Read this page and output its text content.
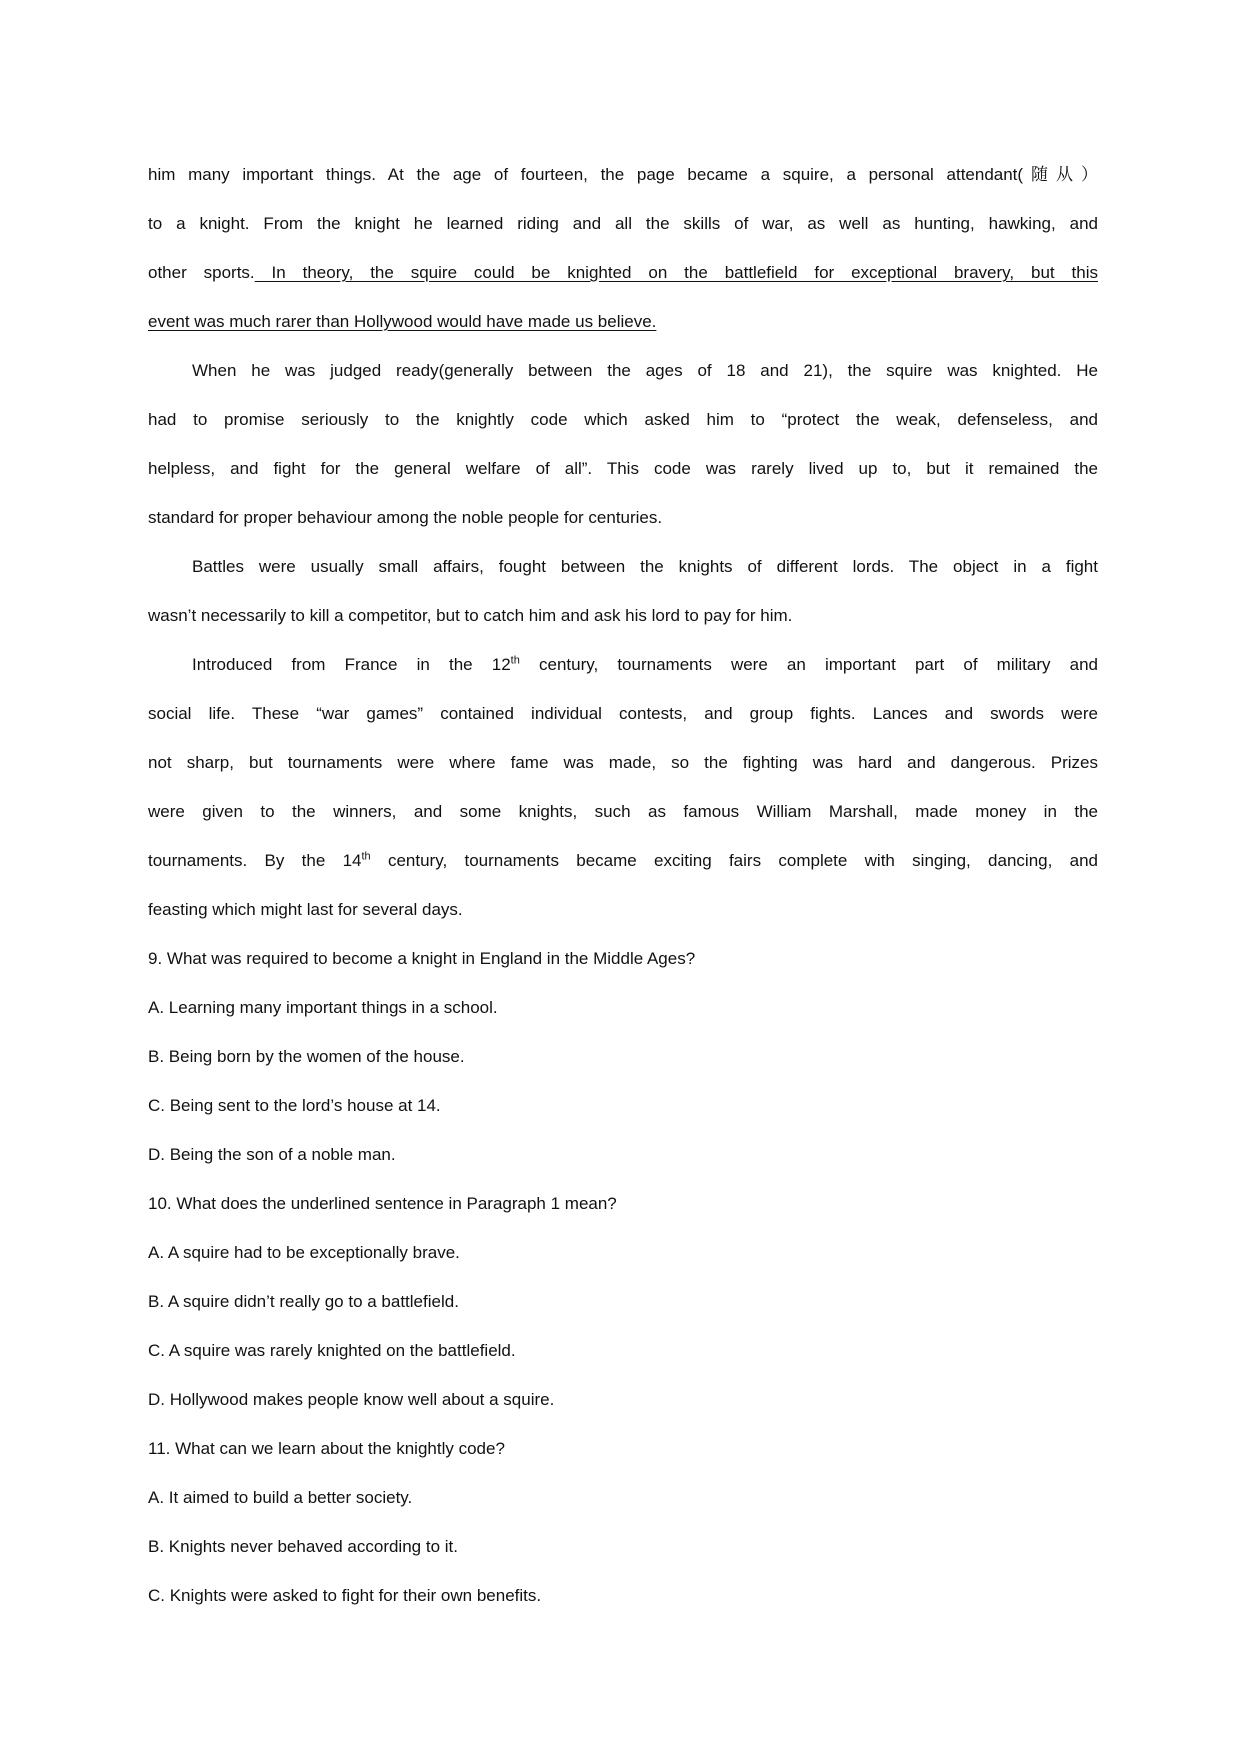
him many important things. At the age of fourteen, the page became a squire, a personal attendant(随从）
to a knight. From the knight he learned riding and all the skills of war, as well as hunting, hawking, and
other sports. In theory, the squire could be knighted on the battlefield for exceptional bravery, but this
event was much rarer than Hollywood would have made us believe.
When he was judged ready(generally between the ages of 18 and 21), the squire was knighted. He
had to promise seriously to the knightly code which asked him to “protect the weak, defenseless, and
helpless, and fight for the general welfare of all”. This code was rarely lived up to, but it remained the
standard for proper behaviour among the noble people for centuries.
Battles were usually small affairs, fought between the knights of different lords. The object in a fight
wasn’t necessarily to kill a competitor, but to catch him and ask his lord to pay for him.
Introduced from France in the 12th century, tournaments were an important part of military and
social life. These “war games” contained individual contests, and group fights. Lances and swords were
not sharp, but tournaments were where fame was made, so the fighting was hard and dangerous. Prizes
were given to the winners, and some knights, such as famous William Marshall, made money in the
tournaments. By the 14th century, tournaments became exciting fairs complete with singing, dancing, and
feasting which might last for several days.
9. What was required to become a knight in England in the Middle Ages?
A. Learning many important things in a school.
B. Being born by the women of the house.
C. Being sent to the lord’s house at 14.
D. Being the son of a noble man.
10. What does the underlined sentence in Paragraph 1 mean?
A. A squire had to be exceptionally brave.
B. A squire didn’t really go to a battlefield.
C. A squire was rarely knighted on the battlefield.
D. Hollywood makes people know well about a squire.
11. What can we learn about the knightly code?
A. It aimed to build a better society.
B. Knights never behaved according to it.
C. Knights were asked to fight for their own benefits.
